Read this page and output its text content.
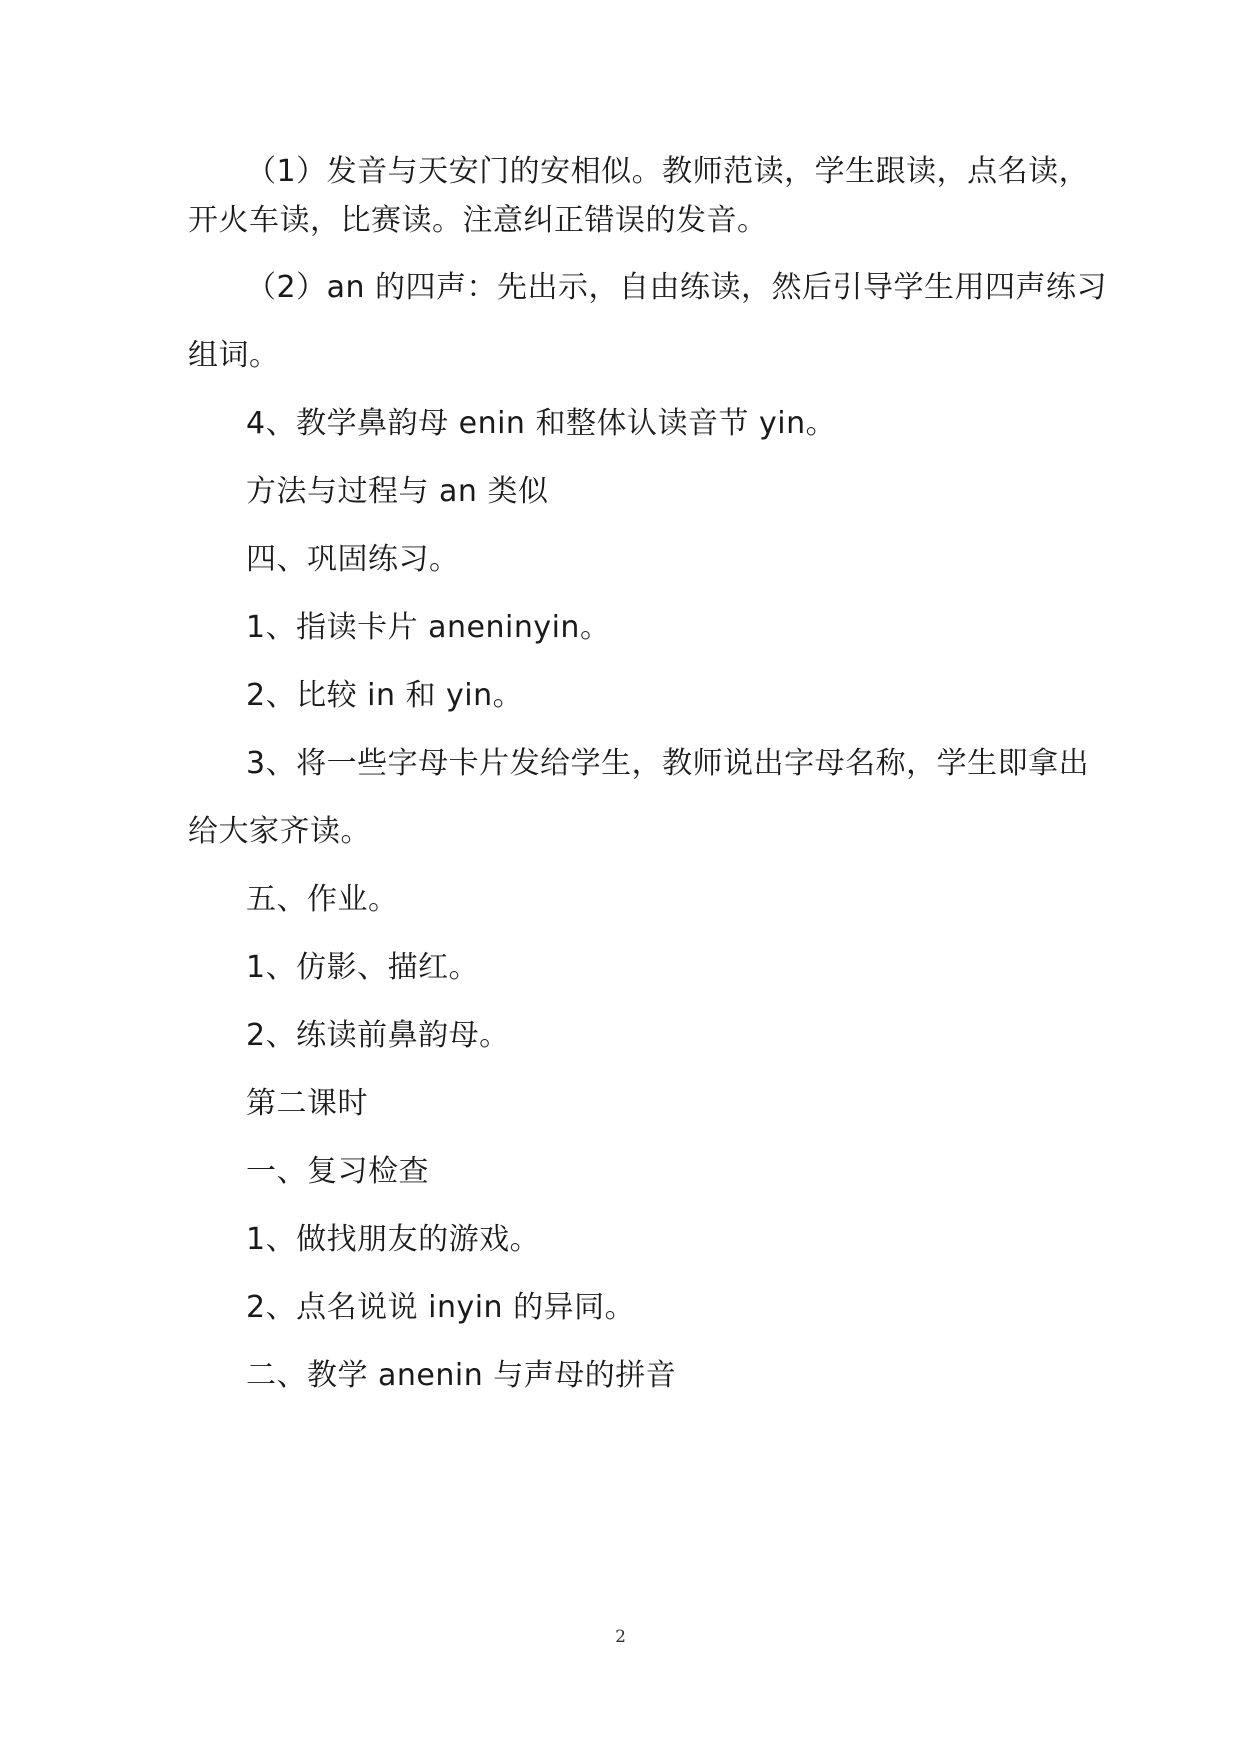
（1）发音与天安门的安相似。教师范读，学生跟读，点名读，
开火车读，比赛读。注意纠正错误的发音。
（2）an 的四声：先出示，自由练读，然后引导学生用四声练习
组词。
4、教学鼻韵母 enin 和整体认读音节 yin。
方法与过程与 an 类似
四、巩固练习。
1、指读卡片 aneninyin。
2、比较 in 和 yin。
3、将一些字母卡片发给学生，教师说出字母名称，学生即拿出
给大家齐读。
五、作业。
1、仿影、描红。
2、练读前鼻韵母。
第二课时
一、复习检查
1、做找朋友的游戏。
2、点名说说 inyin 的异同。
二、教学 anenin 与声母的拼音
2
